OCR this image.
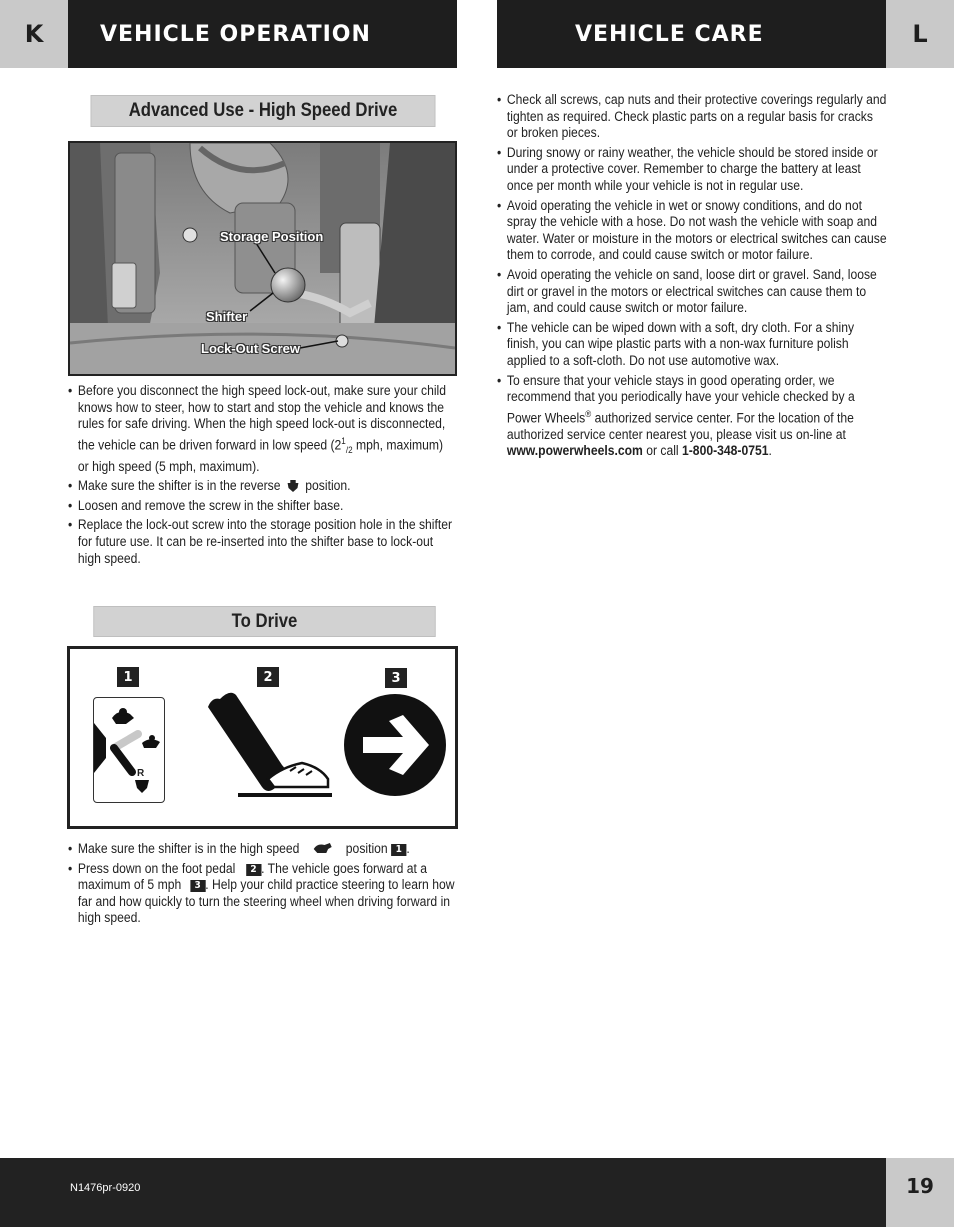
K	VEHICLE OPERATION	VEHICLE CARE	L
Advanced Use - High Speed Drive
Storage Position
Shifter
Lock-Out Screw
• Before you disconnect the high speed lock-out, make sure your child knows how to steer, how to start and stop the vehicle and knows the rules for safe driving. When the high speed lock-out is disconnected, the vehicle can be driven forward in low speed ($2^1_{/2}$ mph, maximum) or high speed (5 mph, maximum).
• Make sure the shifter is in the reverse position.
• Loosen and remove the screw in the shifter base.
• Replace the lock-out screw into the storage position hole in the shifter for future use. It can be re-inserted into the shifter base to lock-out high speed.
To Drive
1	2	3
R
• Make sure the shifter is in the high speed	position 1 .
• Press down on the foot pedal 2 . The vehicle goes forward at a maximum of 5 mph 3 . Help your child practice steering to learn how far and how quickly to turn the steering wheel when driving forward in high speed.
• Check all screws, cap nuts and their protective coverings regularly and tighten as required. Check plastic parts on a regular basis for cracks or broken pieces.
• During snowy or rainy weather, the vehicle should be stored inside or under a protective cover. Remember to charge the battery at least once per month while your vehicle is not in regular use.
• Avoid operating the vehicle in wet or snowy conditions, and do not spray the vehicle with a hose. Do not wash the vehicle with soap and water. Water or moisture in the motors or electrical switches can cause them to corrode, and could cause switch or motor failure.
• Avoid operating the vehicle on sand, loose dirt or gravel. Sand, loose dirt or gravel in the motors or electrical switches can cause them to jam, and could cause switch or motor failure.
• The vehicle can be wiped down with a soft, dry cloth. For a shiny finish, you can wipe plastic parts with a non-wax furniture polish applied to a soft-cloth. Do not use automotive wax.
• To ensure that your vehicle stays in good operating order, we recommend that you periodically have your vehicle checked by a Power Wheels® authorized service center. For the location of the authorized service center nearest you, please visit us on-line at www.powerwheels.com or call 1-800-348-0751.
N1476pr-0920	19
